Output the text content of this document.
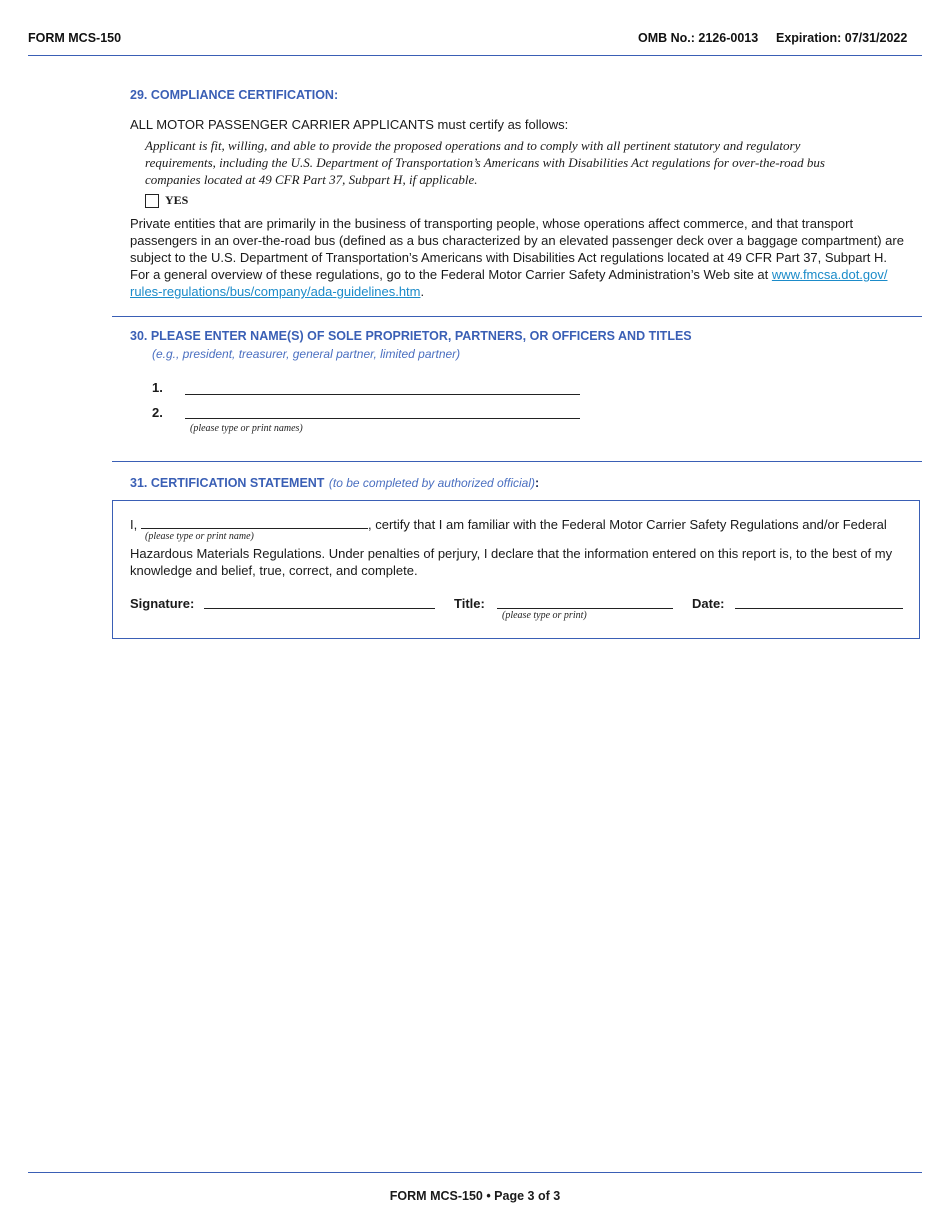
FORM MCS-150	OMB No.: 2126-0013 Expiration: 07/31/2022
29. COMPLIANCE CERTIFICATION:
ALL MOTOR PASSENGER CARRIER APPLICANTS must certify as follows:
Applicant is fit, willing, and able to provide the proposed operations and to comply with all pertinent statutory and regulatory
requirements, including the U.S. Department of Transportation’s Americans with Disabilities Act regulations for over-the-road bus
companies located at 49 CFR Part 37, Subpart H, if applicable.
YES
Private entities that are primarily in the business of transporting people, whose operations affect commerce, and that transport
passengers in an over-the-road bus (defined as a bus characterized by an elevated passenger deck over a baggage compartment) are
subject to the U.S. Department of Transportation’s Americans with Disabilities Act regulations located at 49 CFR Part 37, Subpart H.
For a general overview of these regulations, go to the Federal Motor Carrier Safety Administration’s Web site at www.fmcsa.dot.gov/
rules-regulations/bus/company/ada-guidelines.htm.
30. PLEASE ENTER NAME(S) OF SOLE PROPRIETOR, PARTNERS, OR OFFICERS AND TITLES
(e.g., president, treasurer, general partner, limited partner)
1.
2.
(please type or print names)
31. CERTIFICATION STATEMENT (to be completed by authorized official):
I,	, certify that I am familiar with the Federal Motor Carrier Safety Regulations and/or Federal
(please type or print name)
Hazardous Materials Regulations. Under penalties of perjury, I declare that the information entered on this report is, to the best of my
knowledge and belief, true, correct, and complete.
Signature:	Title:
(please type or print)
Date:
FORM MCS-150 • Page 3 of 3
